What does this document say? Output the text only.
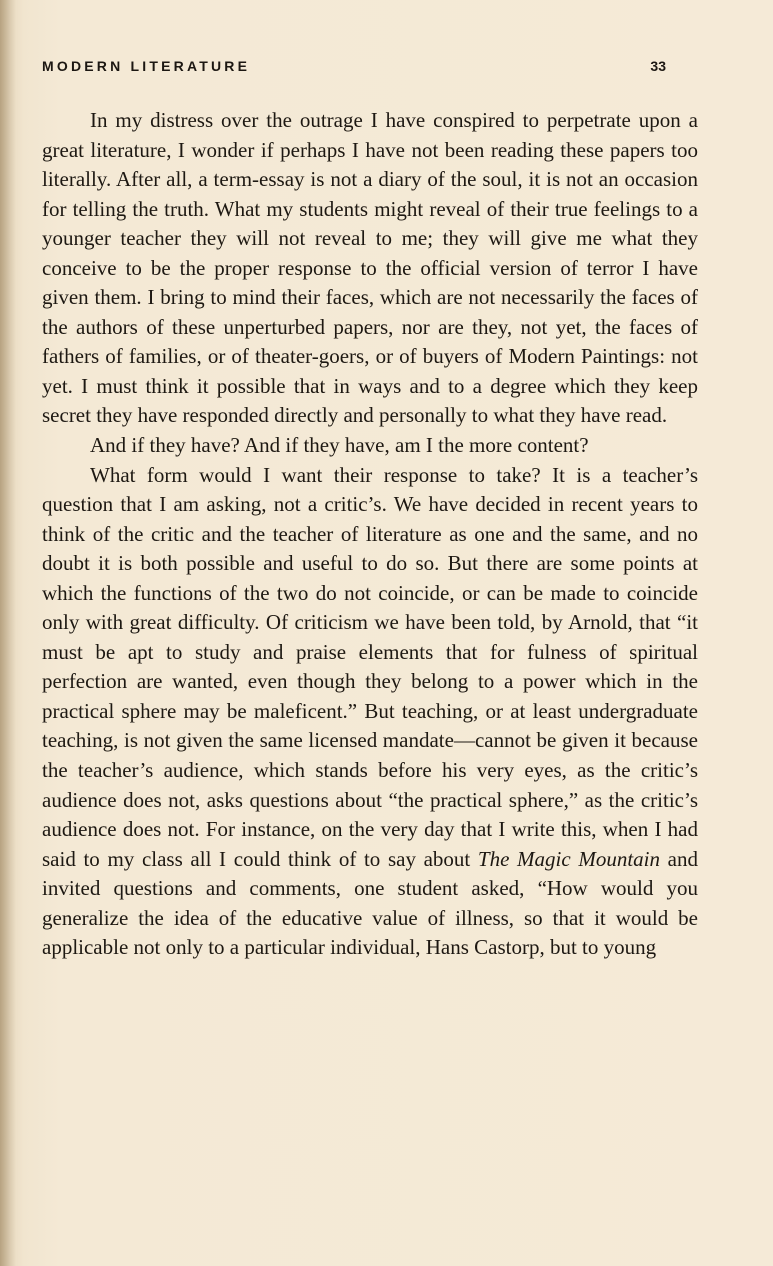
MODERN LITERATURE	33

In my distress over the outrage I have conspired to perpetrate upon a great literature, I wonder if perhaps I have not been reading these papers too literally. After all, a term-essay is not a diary of the soul, it is not an occasion for telling the truth. What my students might reveal of their true feelings to a younger teacher they will not reveal to me; they will give me what they conceive to be the proper response to the official version of terror I have given them. I bring to mind their faces, which are not necessarily the faces of the authors of these unperturbed papers, nor are they, not yet, the faces of fathers of families, or of theater-goers, or of buyers of Modern Paintings: not yet. I must think it possible that in ways and to a degree which they keep secret they have responded directly and personally to what they have read.

And if they have? And if they have, am I the more content?

What form would I want their response to take? It is a teacher’s question that I am asking, not a critic’s. We have decided in recent years to think of the critic and the teacher of literature as one and the same, and no doubt it is both possible and useful to do so. But there are some points at which the functions of the two do not coincide, or can be made to coincide only with great difficulty. Of criticism we have been told, by Arnold, that “it must be apt to study and praise elements that for fulness of spiritual perfection are wanted, even though they belong to a power which in the practical sphere may be maleficent.” But teaching, or at least undergraduate teaching, is not given the same licensed mandate—cannot be given it because the teacher’s audience, which stands before his very eyes, as the critic’s audience does not, asks questions about “the practical sphere,” as the critic’s audience does not. For instance, on the very day that I write this, when I had said to my class all I could think of to say about The Magic Mountain and invited questions and comments, one student asked, “How would you generalize the idea of the educative value of illness, so that it would be applicable not only to a particular individual, Hans Castorp, but to young
